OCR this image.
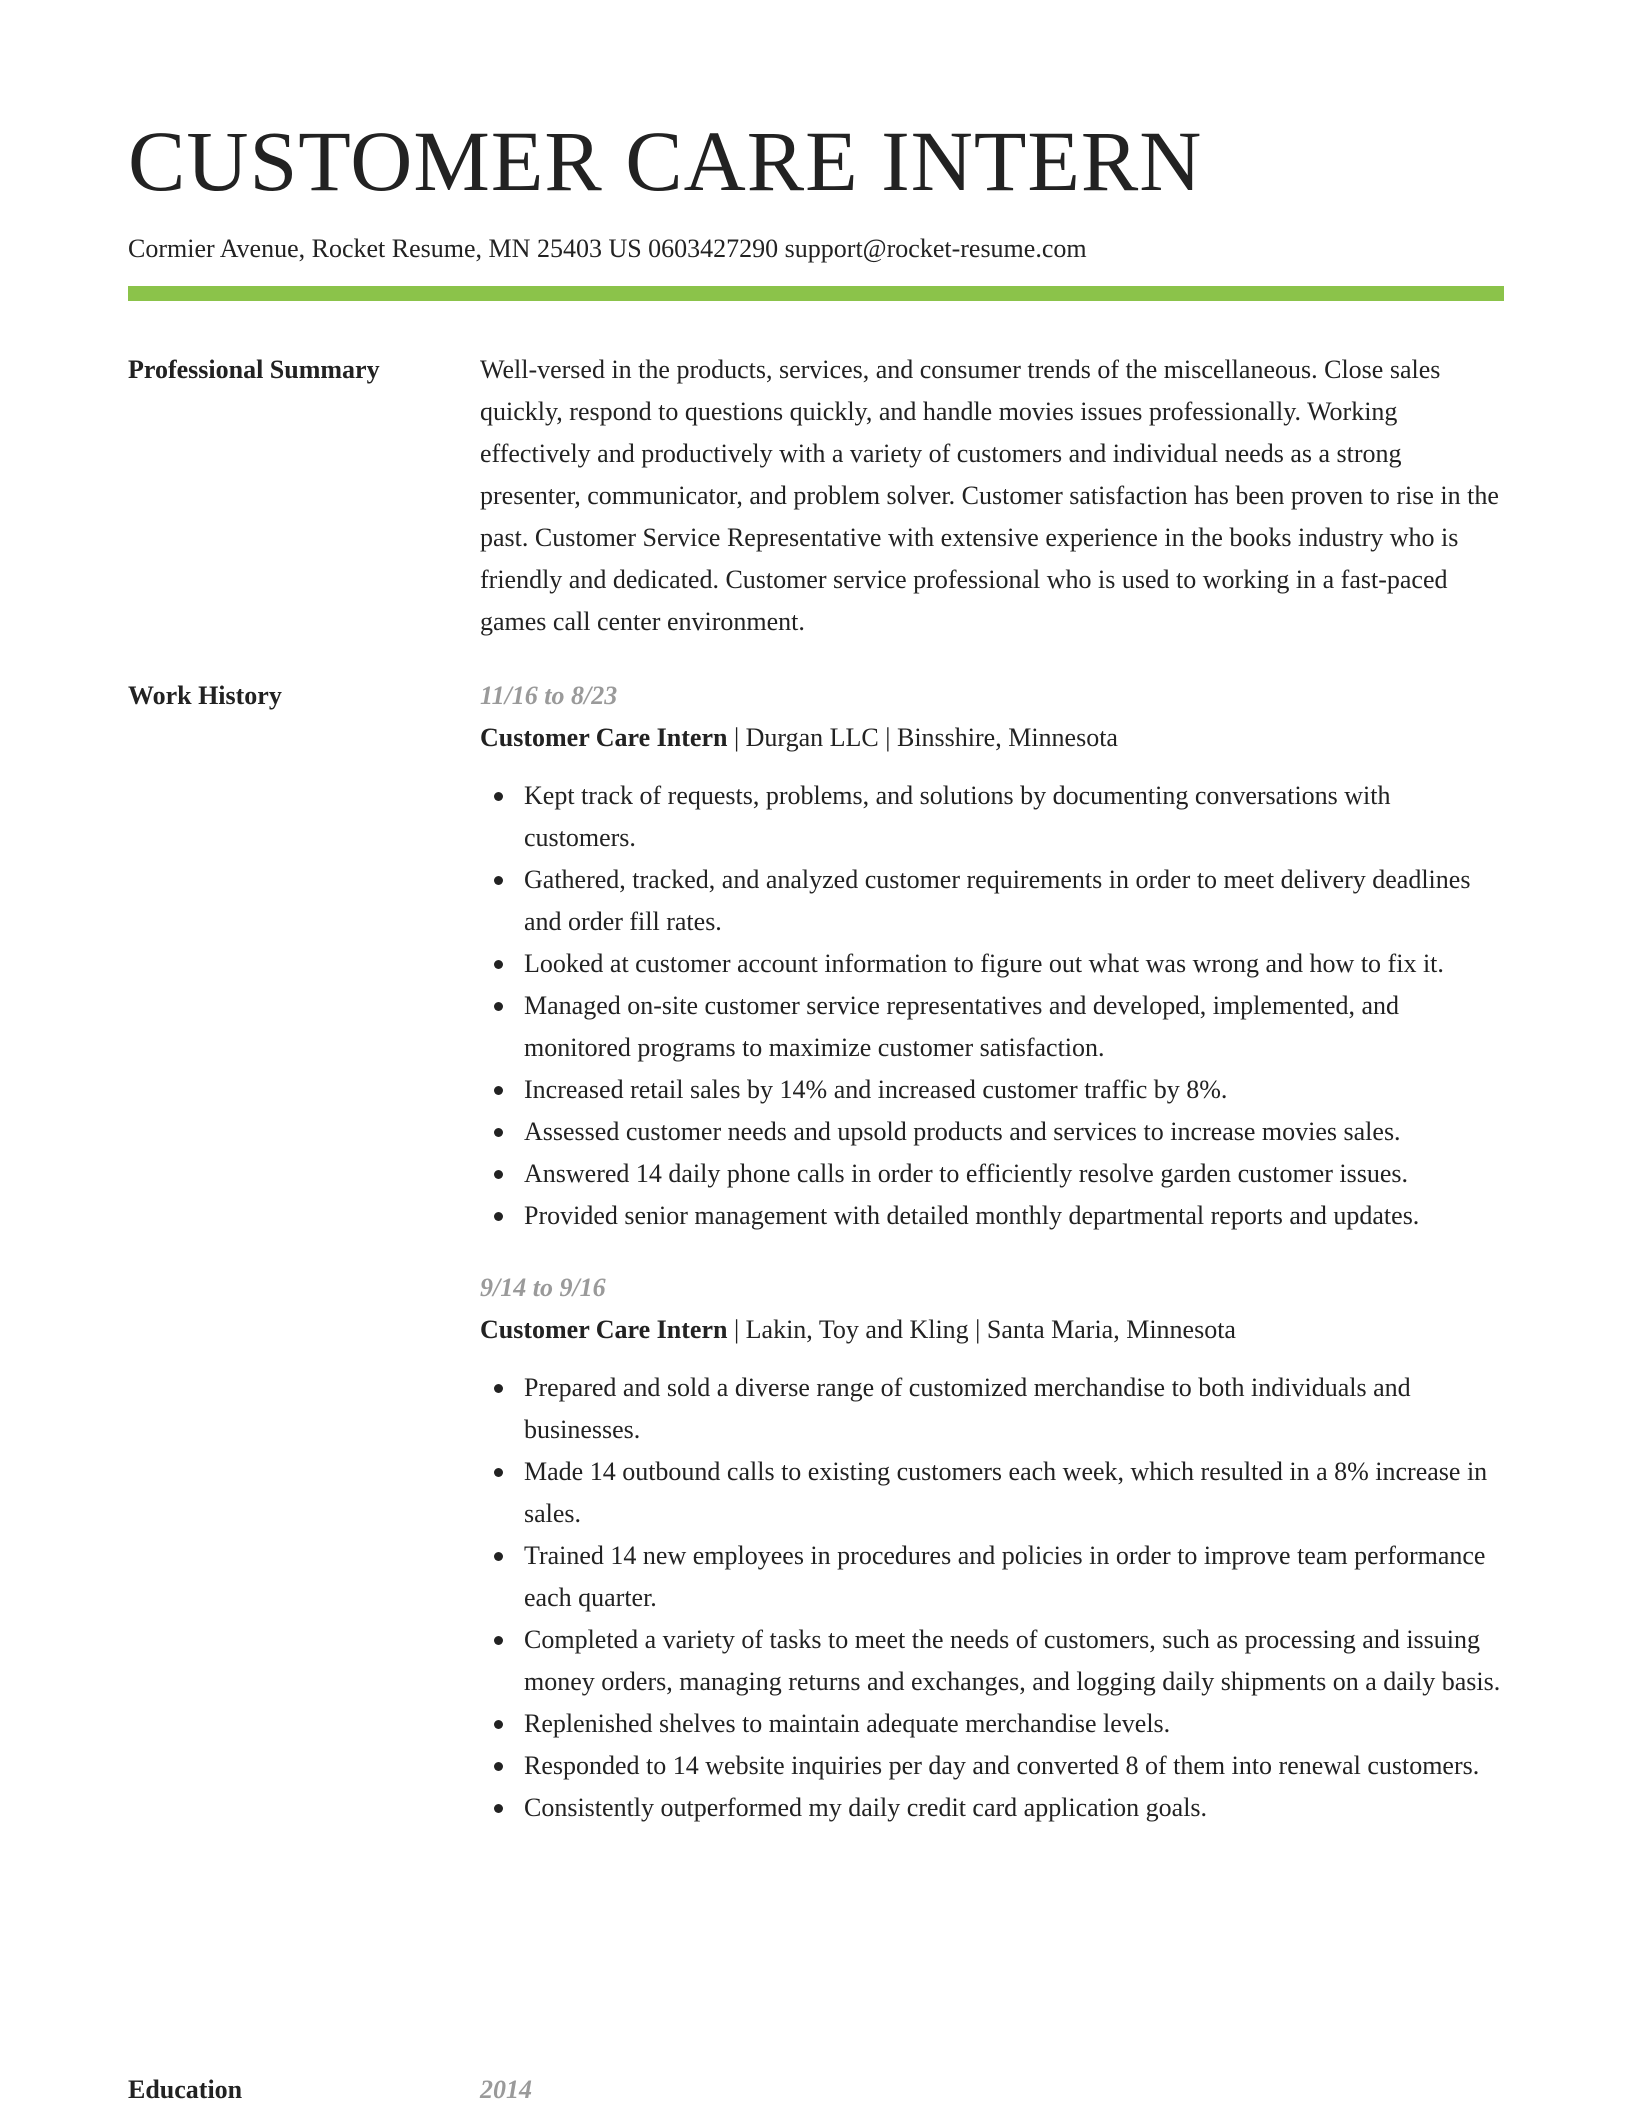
CUSTOMER CARE INTERN
Cormier Avenue, Rocket Resume, MN 25403 US 0603427290 support@rocket-resume.com
Professional Summary	Well-versed in the products, services, and consumer trends of the miscellaneous. Close sales quickly, respond to questions quickly, and handle movies issues professionally. Working effectively and productively with a variety of customers and individual needs as a strong presenter, communicator, and problem solver. Customer satisfaction has been proven to rise in the past. Customer Service Representative with extensive experience in the books industry who is friendly and dedicated. Customer service professional who is used to working in a fast-paced games call center environment.

Work History	11/16 to 8/23
Customer Care Intern | Durgan LLC | Binsshire, Minnesota
Kept track of requests, problems, and solutions by documenting conversations with customers.
Gathered, tracked, and analyzed customer requirements in order to meet delivery deadlines and order fill rates.
Looked at customer account information to figure out what was wrong and how to fix it.
Managed on-site customer service representatives and developed, implemented, and monitored programs to maximize customer satisfaction.
Increased retail sales by 14% and increased customer traffic by 8%.
Assessed customer needs and upsold products and services to increase movies sales.
Answered 14 daily phone calls in order to efficiently resolve garden customer issues.
Provided senior management with detailed monthly departmental reports and updates.
9/14 to 9/16
Customer Care Intern | Lakin, Toy and Kling | Santa Maria, Minnesota
Prepared and sold a diverse range of customized merchandise to both individuals and businesses.
Made 14 outbound calls to existing customers each week, which resulted in a 8% increase in sales.
Trained 14 new employees in procedures and policies in order to improve team performance each quarter.
Completed a variety of tasks to meet the needs of customers, such as processing and issuing money orders, managing returns and exchanges, and logging daily shipments on a daily basis.
Replenished shelves to maintain adequate merchandise levels.
Responded to 14 website inquiries per day and converted 8 of them into renewal customers.
Consistently outperformed my daily credit card application goals.
Education	2014
